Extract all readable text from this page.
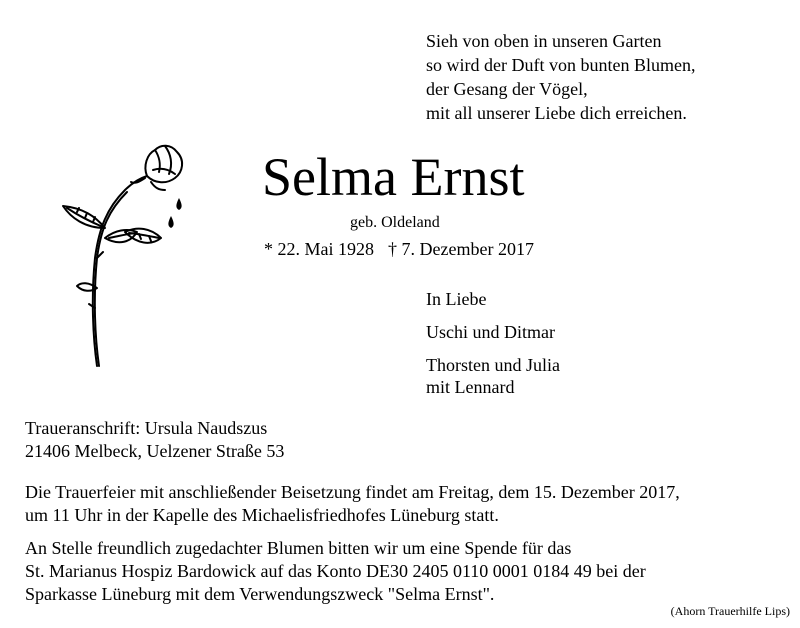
Sieh von oben in unseren Garten
so wird der Duft von bunten Blumen,
der Gesang der Vögel,
mit all unserer Liebe dich erreichen.
Selma Ernst
geb. Oldeland
* 22. Mai 1928 † 7. Dezember 2017
In Liebe
Uschi und Ditmar
Thorsten und Julia
mit Lennard
Traueranschrift: Ursula Naudszus
21406 Melbeck, Uelzener Straße 53
Die Trauerfeier mit anschließender Beisetzung findet am Freitag, dem 15. Dezember 2017,
um 11 Uhr in der Kapelle des Michaelisfriedhofes Lüneburg statt.
An Stelle freundlich zugedachter Blumen bitten wir um eine Spende für das
St. Marianus Hospiz Bardowick auf das Konto DE30 2405 0110 0001 0184 49 bei der
Sparkasse Lüneburg mit dem Verwendungszweck "Selma Ernst".
(Ahorn Trauerhilfe Lips)
